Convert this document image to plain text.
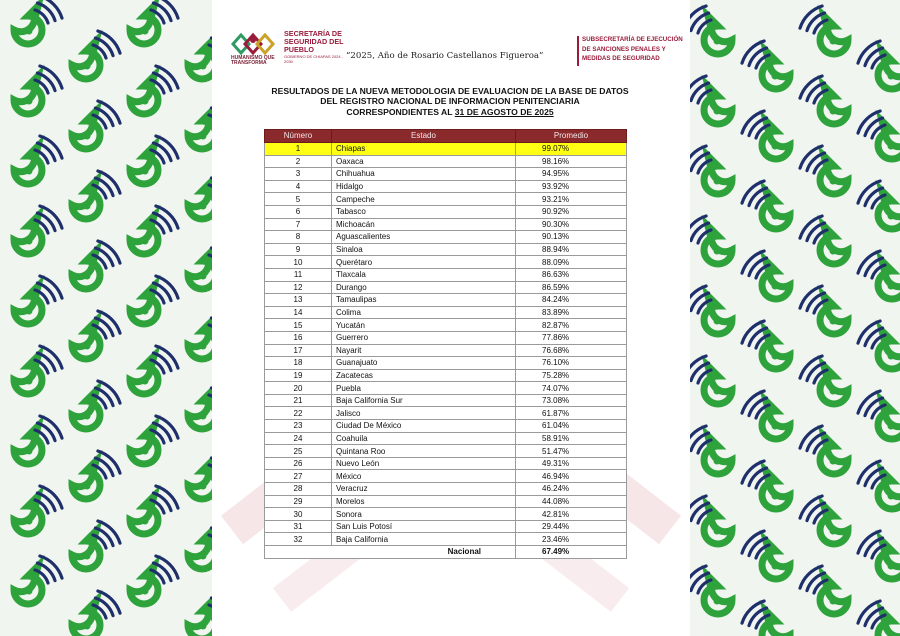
HUMANISMO QUE TRANSFORMA
SECRETARÍA DE SEGURIDAD DEL PUEBLO
GOBIERNO DE CHIAPAS 2024 - 2030	“2025, Año de Rosario Castellanos Figueroa”
SUBSECRETARÍA DE EJECUCIÓN DE SANCIONES PENALES Y MEDIDAS DE SEGURIDAD
RESULTADOS DE LA NUEVA METODOLOGIA DE EVALUACION DE LA BASE DE DATOS
DEL REGISTRO NACIONAL DE INFORMACION PENITENCIARIA
CORRESPONDIENTES AL 31 DE AGOSTO DE 2025
Número	Estado	Promedio
1	Chiapas	99.07%
2	Oaxaca	98.16%
3	Chihuahua	94.95%
4	Hidalgo	93.92%
5	Campeche	93.21%
6	Tabasco	90.92%
7	Michoacán	90.30%
8	Aguascalientes	90.13%
9	Sinaloa	88.94%
10	Querétaro	88.09%
11	Tlaxcala	86.63%
12	Durango	86.59%
13	Tamaulipas	84.24%
14	Colima	83.89%
15	Yucatán	82.87%
16	Guerrero	77.86%
17	Nayarit	76.68%
18	Guanajuato	76.10%
19	Zacatecas	75.28%
20	Puebla	74.07%
21	Baja California Sur	73.08%
22	Jalisco	61.87%
23	Ciudad De México	61.04%
24	Coahuila	58.91%
25	Quintana Roo	51.47%
26	Nuevo León	49.31%
27	México	46.94%
28	Veracruz	46.24%
29	Morelos	44.08%
30	Sonora	42.81%
31	San Luis Potosí	29.44%
32	Baja California	23.46%
Nacional		67.49%
